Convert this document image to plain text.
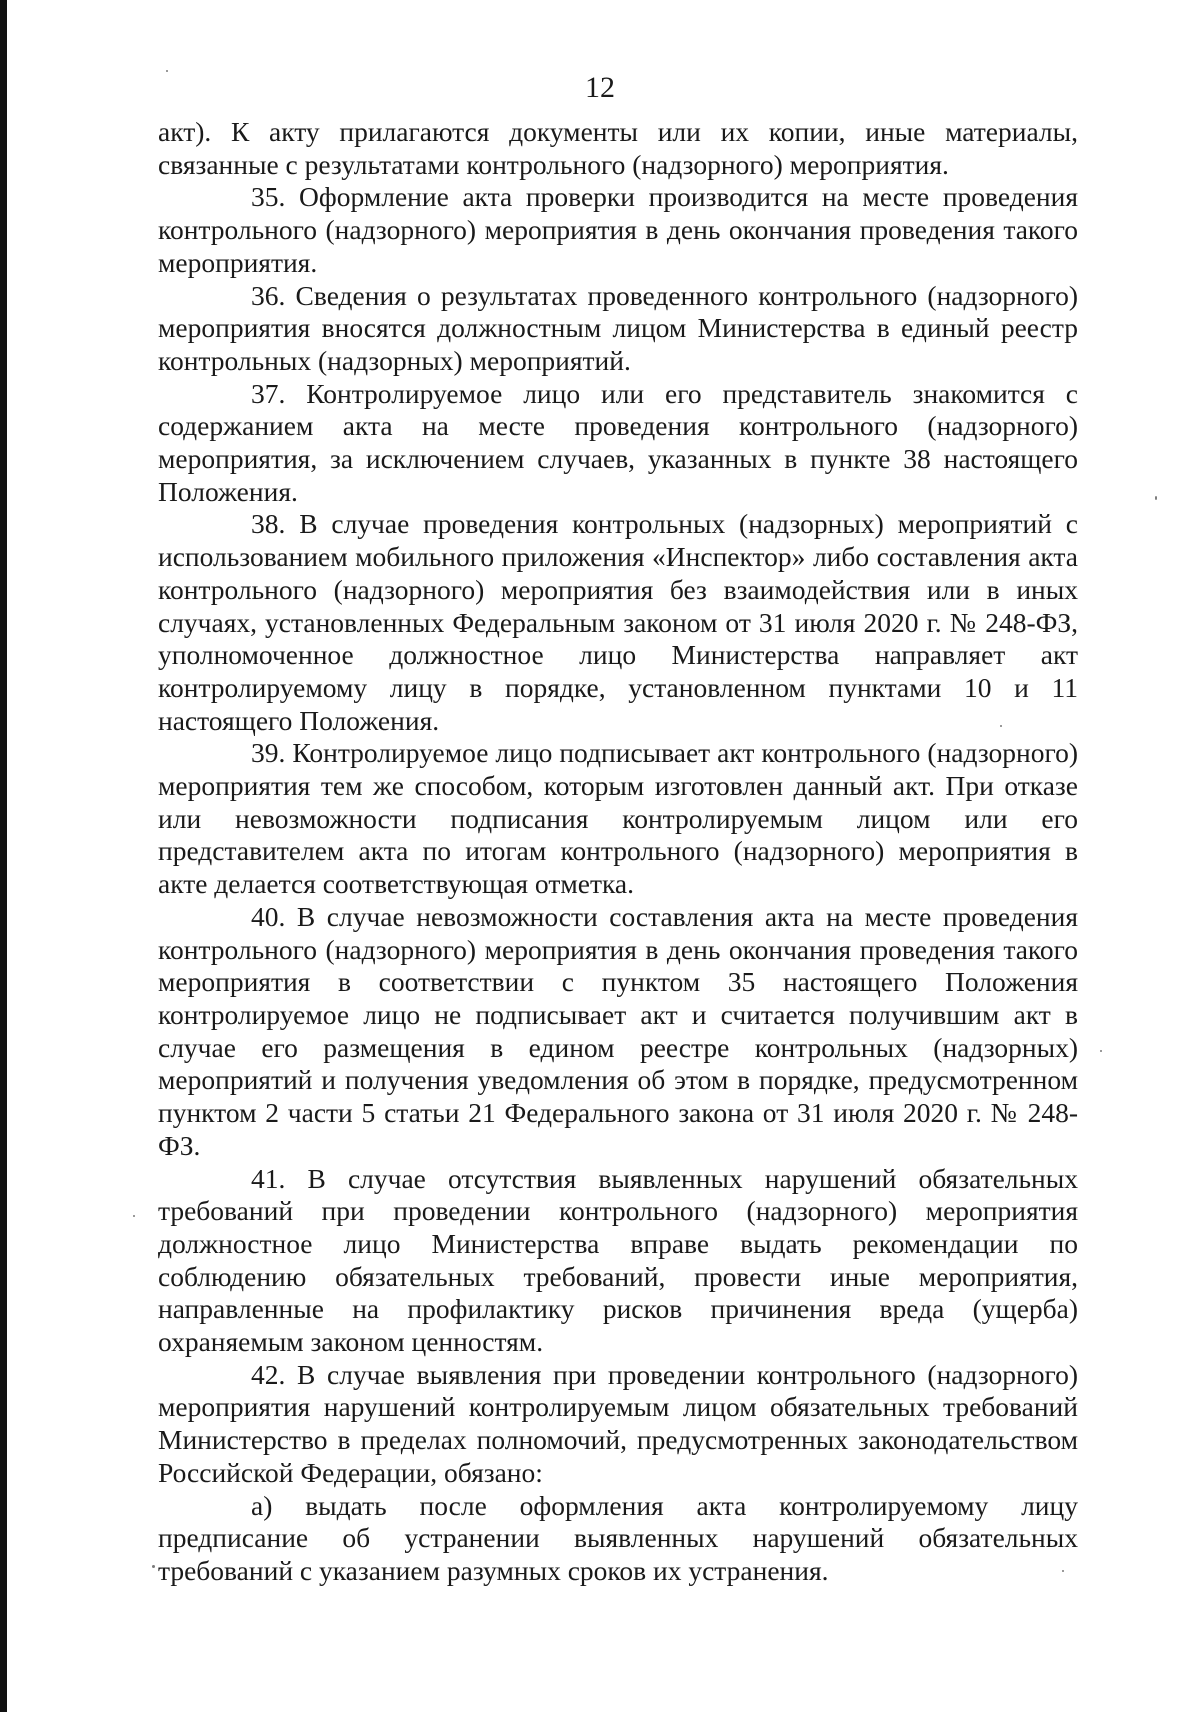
12

акт). К акту прилагаются документы или их копии, иные материалы, связанные с результатами контрольного (надзорного) мероприятия.

35. Оформление акта проверки производится на месте проведения контрольного (надзорного) мероприятия в день окончания проведения такого мероприятия.

36. Сведения о результатах проведенного контрольного (надзорного) мероприятия вносятся должностным лицом Министерства в единый реестр контрольных (надзорных) мероприятий.

37. Контролируемое лицо или его представитель знакомится с содержанием акта на месте проведения контрольного (надзорного) мероприятия, за исключением случаев, указанных в пункте 38 настоящего Положения.

38. В случае проведения контрольных (надзорных) мероприятий с использованием мобильного приложения «Инспектор» либо составления акта контрольного (надзорного) мероприятия без взаимодействия или в иных случаях, установленных Федеральным законом от 31 июля 2020 г. № 248-ФЗ, уполномоченное должностное лицо Министерства направляет акт контролируемому лицу в порядке, установленном пунктами 10 и 11 настоящего Положения.

39. Контролируемое лицо подписывает акт контрольного (надзорного) мероприятия тем же способом, которым изготовлен данный акт. При отказе или невозможности подписания контролируемым лицом или его представителем акта по итогам контрольного (надзорного) мероприятия в акте делается соответствующая отметка.

40. В случае невозможности составления акта на месте проведения контрольного (надзорного) мероприятия в день окончания проведения такого мероприятия в соответствии с пунктом 35 настоящего Положения контролируемое лицо не подписывает акт и считается получившим акт в случае его размещения в едином реестре контрольных (надзорных) мероприятий и получения уведомления об этом в порядке, предусмотренном пунктом 2 части 5 статьи 21 Федерального закона от 31 июля 2020 г. № 248-ФЗ.

41. В случае отсутствия выявленных нарушений обязательных требований при проведении контрольного (надзорного) мероприятия должностное лицо Министерства вправе выдать рекомендации по соблюдению обязательных требований, провести иные мероприятия, направленные на профилактику рисков причинения вреда (ущерба) охраняемым законом ценностям.

42. В случае выявления при проведении контрольного (надзорного) мероприятия нарушений контролируемым лицом обязательных требований Министерство в пределах полномочий, предусмотренных законодательством Российской Федерации, обязано:

а) выдать после оформления акта контролируемому лицу предписание об устранении выявленных нарушений обязательных требований с указанием разумных сроков их устранения.
